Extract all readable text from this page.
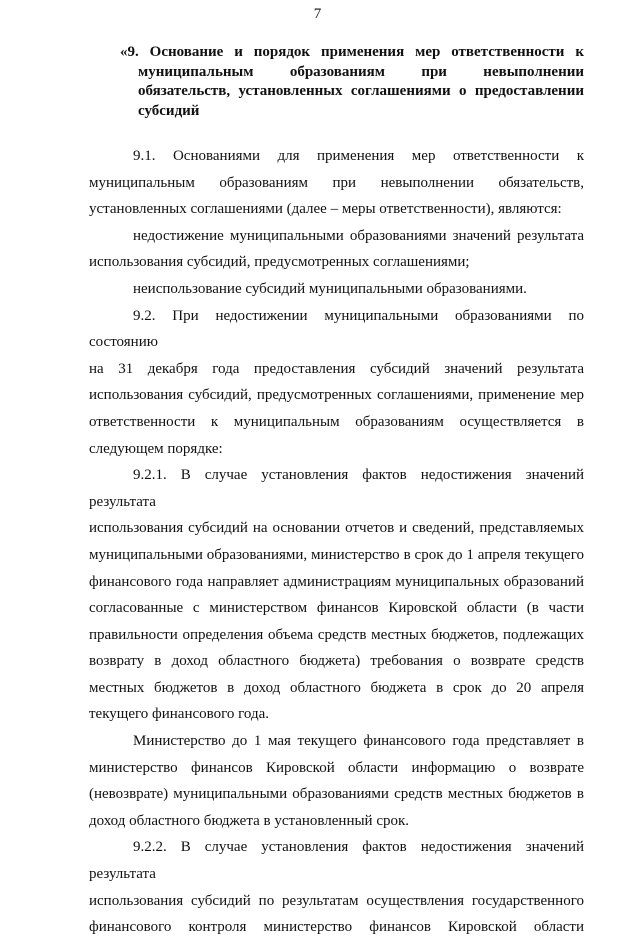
7
«9. Основание и порядок применения мер ответственности к
муниципальным образованиям при невыполнении
обязательств, установленных соглашениями о предоставлении
субсидий

9.1. Основаниями для применения мер ответственности к
муниципальным образованиям при невыполнении обязательств,
установленных соглашениями (далее – меры ответственности), являются:

недостижение муниципальными образованиями значений результата
использования субсидий, предусмотренных соглашениями;

неиспользование субсидий муниципальными образованиями.

9.2. При недостижении муниципальными образованиями по состоянию
на 31 декабря года предоставления субсидий значений результата
использования субсидий, предусмотренных соглашениями, применение мер
ответственности к муниципальным образованиям осуществляется в
следующем порядке:

9.2.1. В случае установления фактов недостижения значений результата
использования субсидий на основании отчетов и сведений, представляемых
муниципальными образованиями, министерство в срок до 1 апреля текущего
финансового года направляет администрациям муниципальных образований
согласованные с министерством финансов Кировской области (в части
правильности определения объема средств местных бюджетов, подлежащих
возврату в доход областного бюджета) требования о возврате средств
местных бюджетов в доход областного бюджета в срок до 20 апреля
текущего финансового года.

Министерство до 1 мая текущего финансового года представляет в
министерство финансов Кировской области информацию о возврате
(невозврате) муниципальными образованиями средств местных бюджетов в
доход областного бюджета в установленный срок.

9.2.2. В случае установления фактов недостижения значений результата
использования субсидий по результатам осуществления государственного
финансового контроля министерство финансов Кировской области
